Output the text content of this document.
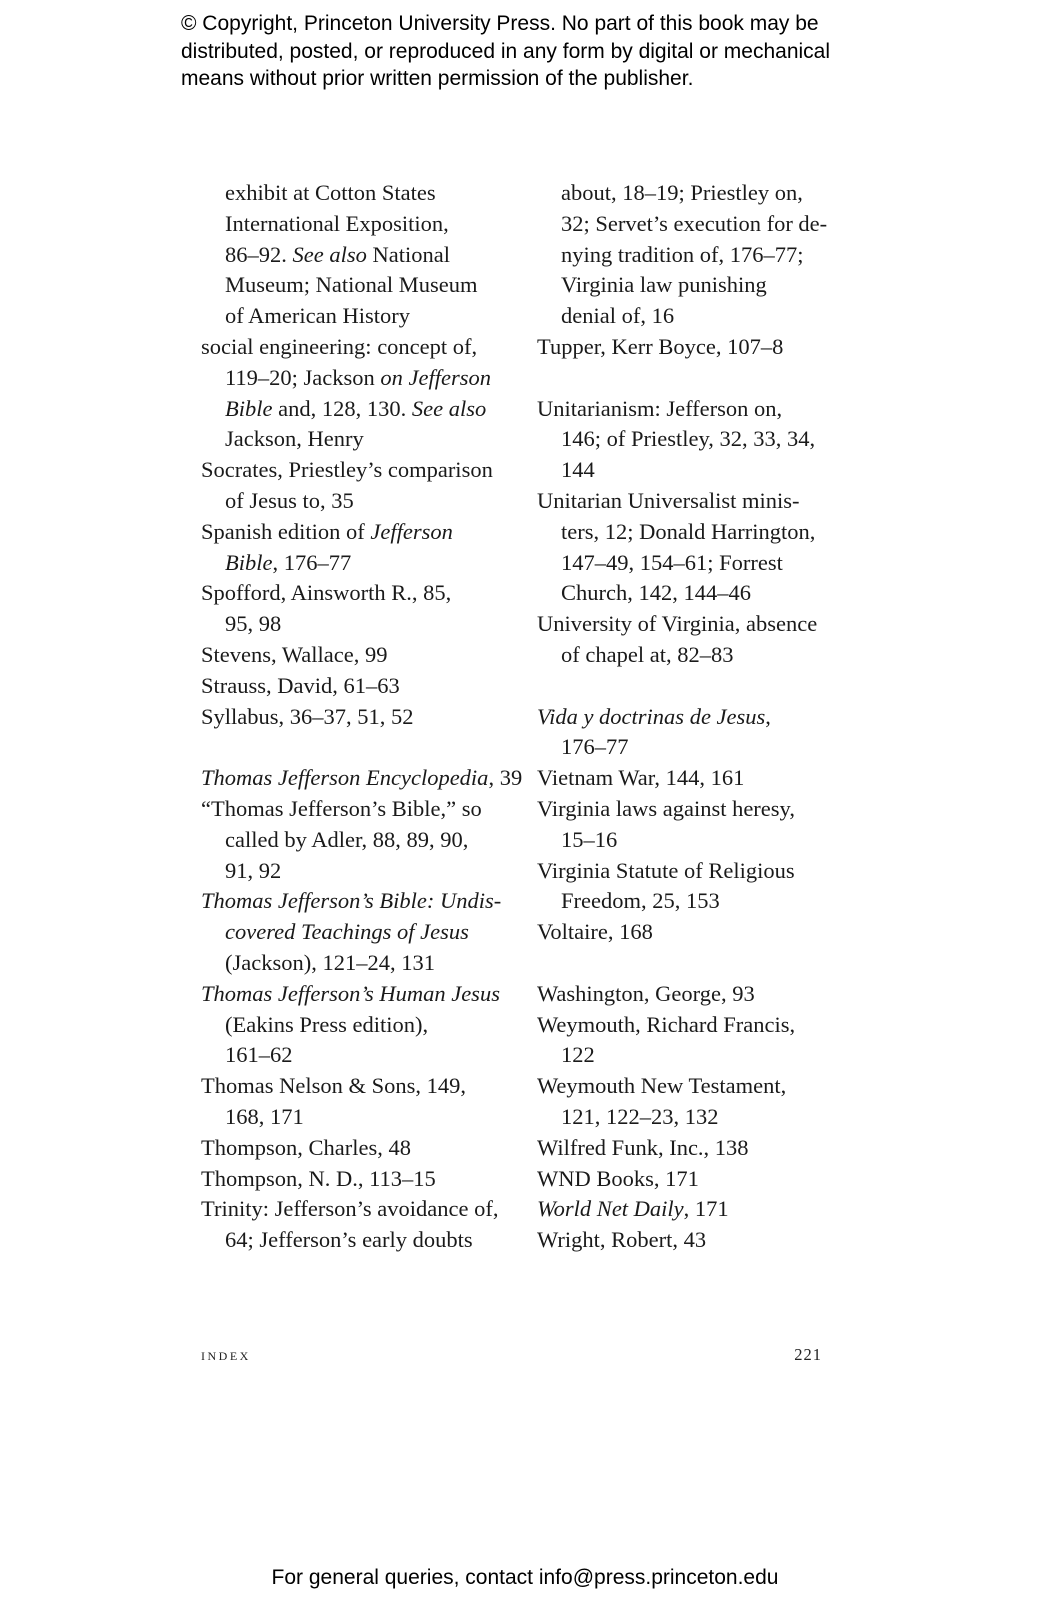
© Copyright, Princeton University Press. No part of this book may be
distributed, posted, or reproduced in any form by digital or mechanical
means without prior written permission of the publisher.
exhibit at Cotton States
International Exposition,
86–92. See also National
Museum; National Museum
of American History
social engineering: concept of,
119–20; Jackson on Jefferson
Bible and, 128, 130. See also
Jackson, Henry
Socrates, Priestley’s comparison
of Jesus to, 35
Spanish edition of Jefferson
Bible, 176–77
Spofford, Ainsworth R., 85,
95, 98
Stevens, Wallace, 99
Strauss, David, 61–63
Syllabus, 36–37, 51, 52
Thomas Jefferson Encyclopedia, 39
“Thomas Jefferson’s Bible,” so
called by Adler, 88, 89, 90,
91, 92
Thomas Jefferson’s Bible: Undis-
covered Teachings of Jesus
(Jackson), 121–24, 131
Thomas Jefferson’s Human Jesus
(Eakins Press edition),
161–62
Thomas Nelson & Sons, 149,
168, 171
Thompson, Charles, 48
Thompson, N. D., 113–15
Trinity: Jefferson’s avoidance of,
64; Jefferson’s early doubts
about, 18–19; Priestley on,
32; Servet’s execution for de-
nying tradition of, 176–77;
Virginia law punishing
denial of, 16
Tupper, Kerr Boyce, 107–8
Unitarianism: Jefferson on,
146; of Priestley, 32, 33, 34,
144
Unitarian Universalist minis-
ters, 12; Donald Harrington,
147–49, 154–61; Forrest
Church, 142, 144–46
University of Virginia, absence
of chapel at, 82–83
Vida y doctrinas de Jesus,
176–77
Vietnam War, 144, 161
Virginia laws against heresy,
15–16
Virginia Statute of Religious
Freedom, 25, 153
Voltaire, 168
Washington, George, 93
Weymouth, Richard Francis,
122
Weymouth New Testament,
121, 122–23, 132
Wilfred Funk, Inc., 138
WND Books, 171
World Net Daily, 171
Wright, Robert, 43
index	221
For general queries, contact info@press.princeton.edu
